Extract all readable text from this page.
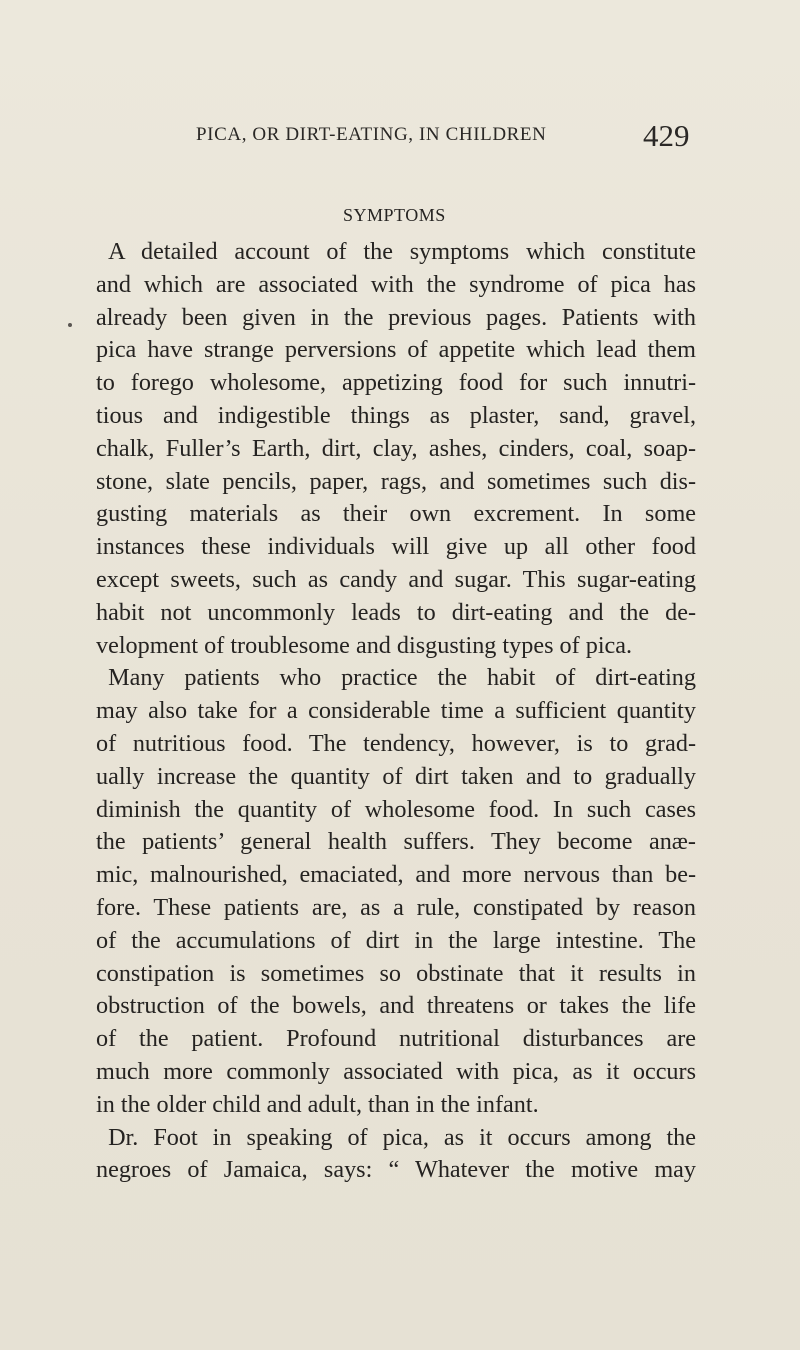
PICA, OR DIRT-EATING, IN CHILDREN	429
SYMPTOMS
A detailed account of the symptoms which constitute
and which are associated with the syndrome of pica has
already been given in the previous pages. Patients with
pica have strange perversions of appetite which lead them
to forego wholesome, appetizing food for such innutri-
tious and indigestible things as plaster, sand, gravel,
chalk, Fuller’s Earth, dirt, clay, ashes, cinders, coal, soap-
stone, slate pencils, paper, rags, and sometimes such dis-
gusting materials as their own excrement. In some
instances these individuals will give up all other food
except sweets, such as candy and sugar. This sugar-eating
habit not uncommonly leads to dirt-eating and the de-
velopment of troublesome and disgusting types of pica.
Many patients who practice the habit of dirt-eating
may also take for a considerable time a sufficient quantity
of nutritious food. The tendency, however, is to grad-
ually increase the quantity of dirt taken and to gradually
diminish the quantity of wholesome food. In such cases
the patients’ general health suffers. They become anæ-
mic, malnourished, emaciated, and more nervous than be-
fore. These patients are, as a rule, constipated by reason
of the accumulations of dirt in the large intestine. The
constipation is sometimes so obstinate that it results in
obstruction of the bowels, and threatens or takes the life
of the patient. Profound nutritional disturbances are
much more commonly associated with pica, as it occurs
in the older child and adult, than in the infant.
Dr. Foot in speaking of pica, as it occurs among the
negroes of Jamaica, says: “ Whatever the motive may
